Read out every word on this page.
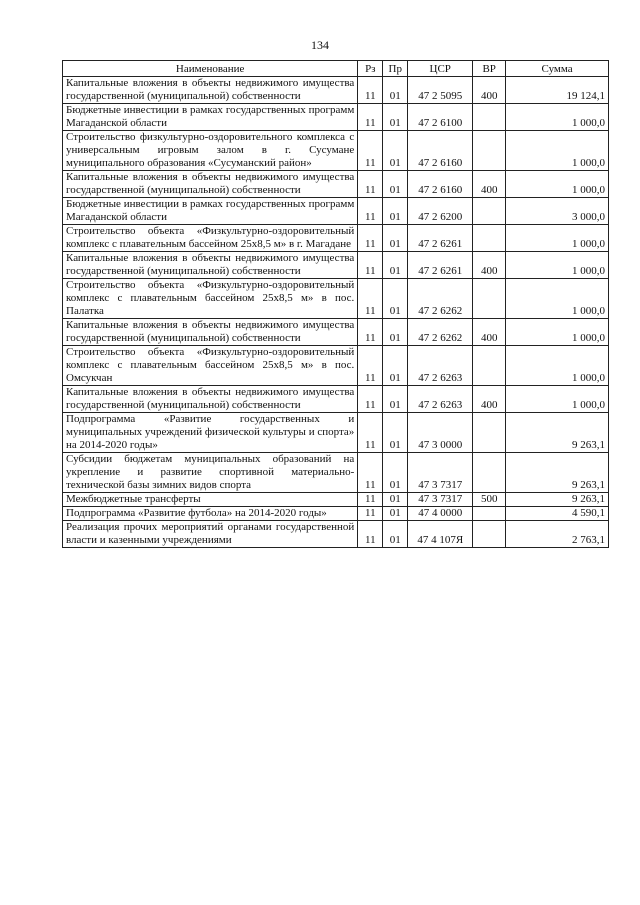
134
Наименование	Рз	Пр	ЦСР	ВР	Сумма
Капитальные вложения в объекты недвижимого имущества государственной (муниципальной) собственности	11	01	47 2 5095	400	19 124,1
Бюджетные инвестиции в рамках государственных программ Магаданской области	11	01	47 2 6100		1 000,0
Строительство физкультурно-оздоровительного комплекса с универсальным игровым залом в г. Сусумане муниципального образования «Сусуманский район»	11	01	47 2 6160		1 000,0
Капитальные вложения в объекты недвижимого имущества государственной (муниципальной) собственности	11	01	47 2 6160	400	1 000,0
Бюджетные инвестиции в рамках государственных программ Магаданской области	11	01	47 2 6200		3 000,0
Строительство объекта «Физкультурно-оздоровительный комплекс с плавательным бассейном 25х8,5 м» в г. Магадане	11	01	47 2 6261		1 000,0
Капитальные вложения в объекты недвижимого имущества государственной (муниципальной) собственности	11	01	47 2 6261	400	1 000,0
Строительство объекта «Физкультурно-оздоровительный комплекс с плавательным бассейном 25х8,5 м» в пос. Палатка	11	01	47 2 6262		1 000,0
Капитальные вложения в объекты недвижимого имущества государственной (муниципальной) собственности	11	01	47 2 6262	400	1 000,0
Строительство объекта «Физкультурно-оздоровительный комплекс с плавательным бассейном 25х8,5 м» в пос. Омсукчан	11	01	47 2 6263		1 000,0
Капитальные вложения в объекты недвижимого имущества государственной (муниципальной) собственности	11	01	47 2 6263	400	1 000,0
Подпрограмма «Развитие государственных и муниципальных учреждений физической культуры и спорта» на 2014-2020 годы»	11	01	47 3 0000		9 263,1
Субсидии бюджетам муниципальных образований на укрепление и развитие спортивной материально-технической базы зимних видов спорта	11	01	47 3 7317		9 263,1
Межбюджетные трансферты	11	01	47 3 7317	500	9 263,1
Подпрограмма «Развитие футбола» на 2014-2020 годы»	11	01	47 4 0000		4 590,1
Реализация прочих мероприятий органами государственной власти и казенными учреждениями	11	01	47 4 107Я		2 763,1
